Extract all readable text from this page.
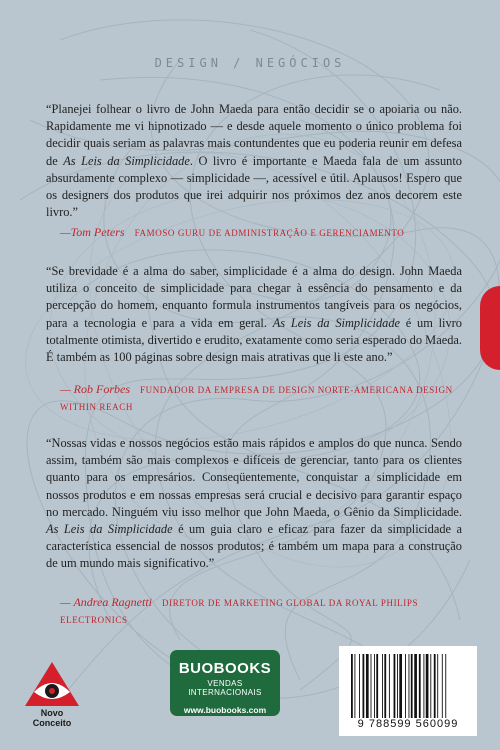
DESIGN / NEGÓCIOS

“Planejei folhear o livro de John Maeda para então decidir se o apoiaria ou não. Rapidamente me vi hipnotizado — e desde aquele momento o único problema foi decidir quais seriam as palavras mais contundentes que eu poderia reunir em defesa de As Leis da Simplicidade. O livro é importante e Maeda fala de um assunto absurdamente complexo — simplicidade —, acessível e útil. Aplausos! Espero que os designers dos produtos que irei adquirir nos próximos dez anos decorem este livro.”

—Tom Peters FAMOSO GURU DE ADMINISTRAÇÃO E GERENCIAMENTO

“Se brevidade é a alma do saber, simplicidade é a alma do design. John Maeda utiliza o conceito de simplicidade para chegar à essência do pensamento e da percepção do homem, enquanto formula instrumentos tangíveis para os negócios, para a tecnologia e para a vida em geral. As Leis da Simplicidade é um livro totalmente otimista, divertido e erudito, exatamente como seria esperado do Maeda. É também as 100 páginas sobre design mais atrativas que li este ano.”

— Rob Forbes FUNDADOR DA EMPRESA DE DESIGN NORTE-AMERICANA DESIGN WITHIN REACH

“Nossas vidas e nossos negócios estão mais rápidos e amplos do que nunca. Sendo assim, também são mais complexos e difíceis de gerenciar, tanto para os clientes quanto para os empresários. Conseqüentemente, conquistar a simplicidade em nossos produtos e em nossas empresas será crucial e decisivo para garantir espaço no mercado. Ninguém viu isso melhor que John Maeda, o Gênio da Simplicidade. As Leis da Simplicidade é um guia claro e eficaz para fazer da simplicidade a característica essencial de nossos produtos; é também um mapa para a construção de um mundo mais significativo.”

— Andrea Ragnetti DIRETOR DE MARKETING GLOBAL DA ROYAL PHILIPS ELECTRONICS
Novo Conceito
BUOBOOKS
VENDAS INTERNACIONAIS
www.buobooks.com
9 788599 560099
